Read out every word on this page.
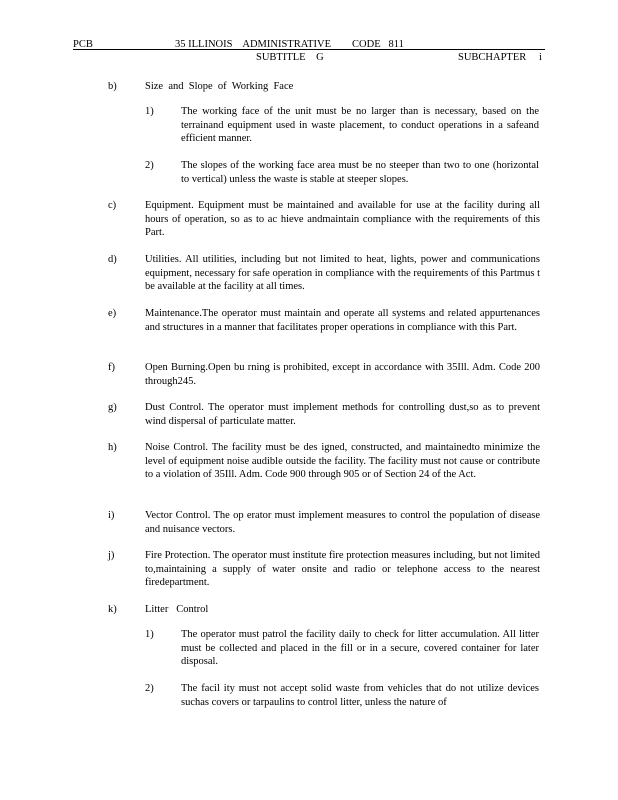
PCB	35 ILLINOIS    ADMINISTRATIVE        CODE   811
SUBTITLE    G	SUBCHAPTER i
b)	Size  and  Slope  of  Working  Face
1)	The working face of the unit must be no larger than is necessary, based on the terrainand equipment used in waste placement, to conduct operations in a safeand efficient manner.
2)	The slopes of the working face area must be no steeper than two to one (horizontal to vertical) unless the waste is stable at steeper slopes.
c)	Equipment. Equipment must be maintained and available for use at the facility during all hours of operation, so as to ac hieve andmaintain compliance with the requirements of this Part.
d)	Utilities. All utilities, including but not limited to heat, lights, power and communications equipment, necessary for safe operation in compliance with the requirements of this Partmus t be available at the facility at all times.
e)	Maintenance.The operator must maintain and operate all systems and related appurtenances and structures in a manner that facilitates proper operations in compliance with this Part.
f)	Open Burning.Open bu rning is prohibited, except in accordance with 35Ill. Adm. Code 200 through245.
g)	Dust Control. The operator must implement methods for controlling dust,so as to prevent wind dispersal of particulate matter.
h)	Noise Control. The facility must be des igned, constructed, and maintainedto minimize the level of equipment noise audible outside the facility. The facility must not cause or contribute to a violation of 35Ill. Adm. Code 900 through 905 or of Section 24 of the Act.
i)	Vector Control. The op erator must implement measures to control the population of disease and nuisance vectors.
j)	Fire Protection. The operator must institute fire protection measures including, but not limited to,maintaining a supply of water onsite and radio or telephone access to the nearest firedepartment.
k)	Litter   Control
1)	The operator must patrol the facility daily to check for litter accumulation. All litter must be collected and placed in the fill or in a secure, covered container for later disposal.
2)	The facil ity must not accept solid waste from vehicles that do not utilize devices suchas covers or tarpaulins to control litter, unless the nature of
